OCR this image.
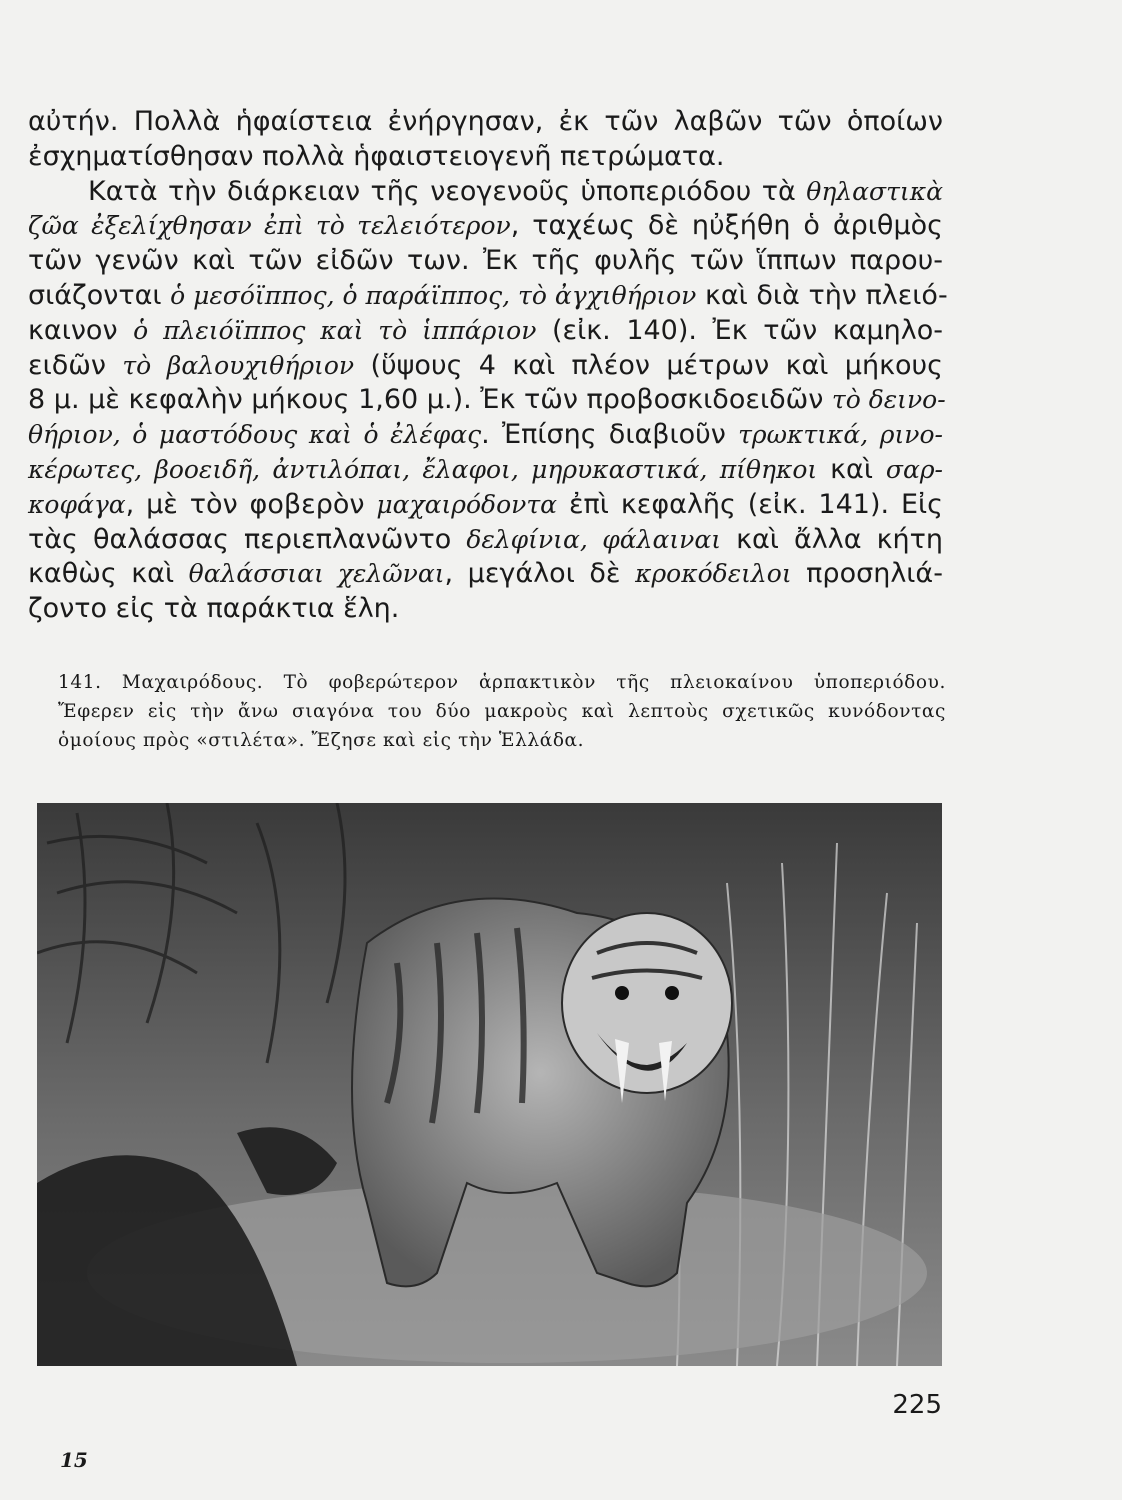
αὐτήν. Πολλὰ ἡφαίστεια ἐνήργησαν, ἐκ τῶν λαβῶν τῶν ὁποίων
ἐσχηματίσθησαν πολλὰ ἡφαιστειογενῆ πετρώματα.
Κατὰ τὴν διάρκειαν τῆς νεογενοῦς ὑποπεριόδου τὰ θηλαστικὰ
ζῶα ἐξελίχθησαν ἐπὶ τὸ τελειότερον, ταχέως δὲ ηὐξήθη ὁ ἀριθμὸς
τῶν γενῶν καὶ τῶν εἰδῶν των. Ἐκ τῆς φυλῆς τῶν ἵππων παρου-
σιάζονται ὁ μεσόϊππος, ὁ παράϊππος, τὸ ἀγχιθήριον καὶ διὰ τὴν πλειό-
καινον ὁ πλειόϊππος καὶ τὸ ἱππάριον (εἰκ. 140). Ἐκ τῶν καμηλο-
ειδῶν τὸ βαλουχιθήριον (ὕψους 4 καὶ πλέον μέτρων καὶ μήκους
8 μ. μὲ κεφαλὴν μήκους 1,60 μ.). Ἐκ τῶν προβοσκιδοειδῶν τὸ δεινο-
θήριον, ὁ μαστόδους καὶ ὁ ἐλέφας. Ἐπίσης διαβιοῦν τρωκτικά, ρινο-
κέρωτες, βοοειδῆ, ἀντιλόπαι, ἔλαφοι, μηρυκαστικά, πίθηκοι καὶ σαρ-
κοφάγα, μὲ τὸν φοβερὸν μαχαιρόδοντα ἐπὶ κεφαλῆς (εἰκ. 141). Εἰς
τὰς θαλάσσας περιεπλανῶντο δελφίνια, φάλαιναι καὶ ἄλλα κήτη
καθὼς καὶ θαλάσσιαι χελῶναι, μεγάλοι δὲ κροκόδειλοι προσηλιά-
ζοντο εἰς τὰ παράκτια ἕλη.
141. Μαχαιρόδους. Τὸ φοβερώτερον ἁρπακτικὸν τῆς πλειοκαίνου ὑποπεριόδου.
Ἔφερεν εἰς τὴν ἄνω σιαγόνα του δύο μακροὺς καὶ λεπτοὺς σχετικῶς κυνόδοντας
ὁμοίους πρὸς «στιλέτα». Ἔζησε καὶ εἰς τὴν Ἑλλάδα.
225
15
